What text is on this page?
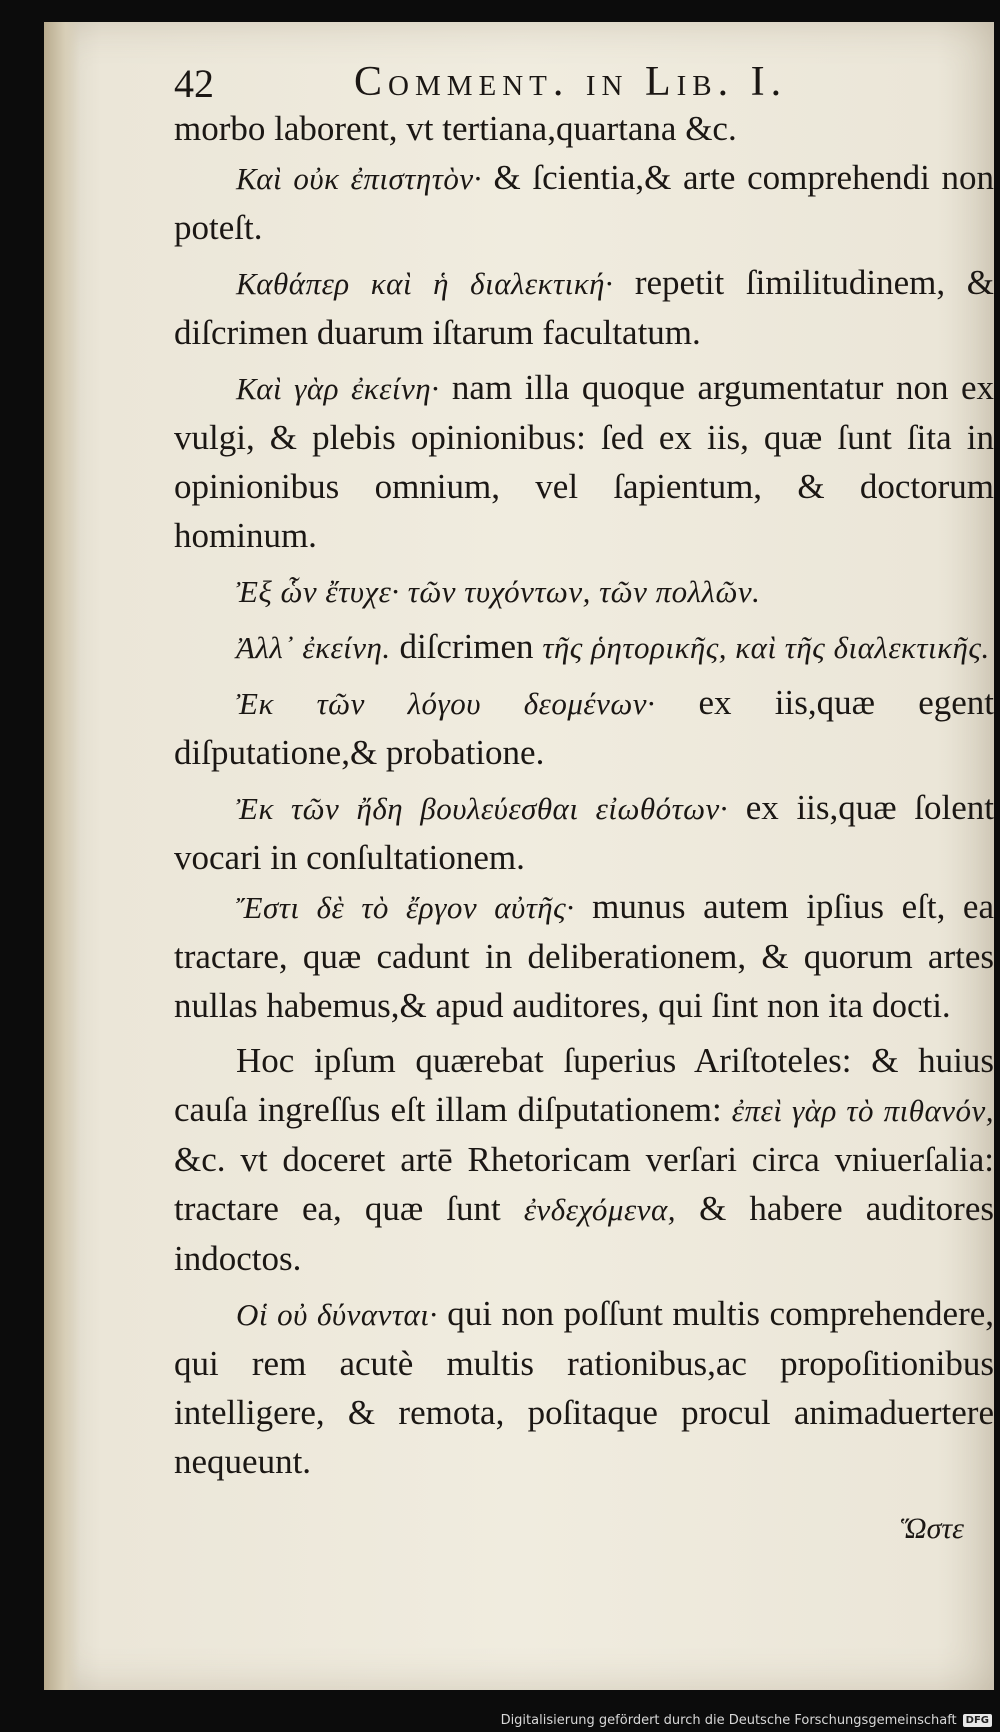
42	Comment. in Lib. I.

morbo laborent, vt tertiana,quartana &c.

Καὶ οὐκ ἐπιστητὸν· & ſcientia,& arte comprehendi non poteſt.

Καθάπερ καὶ ἡ διαλεκτική· repetit ſimilitudinem, & diſcrimen duarum iſtarum facultatum.

Καὶ γὰρ ἐκείνη· nam illa quoque argumentatur non ex vulgi, & plebis opinionibus: ſed ex iis, quæ ſunt ſita in opinionibus omnium, vel ſapientum, & doctorum hominum.

Ἐξ ὧν ἔτυχε· τῶν τυχόντων, τῶν πολλῶν.

Ἀλλ᾽ ἐκείνη. diſcrimen τῆς ῥητορικῆς, καὶ τῆς διαλεκτικῆς.

Ἐκ τῶν λόγου δεομένων· ex iis,quæ egent diſputatione,& probatione.

Ἐκ τῶν ἤδη βουλεύεσθαι εἰωθότων· ex iis,quæ ſolent vocari in conſultationem.

Ἔστι δὲ τὸ ἔργον αὐτῆς· munus autem ipſius eſt, ea tractare, quæ cadunt in deliberationem, & quorum artes nullas habemus,& apud auditores, qui ſint non ita docti.

Hoc ipſum quærebat ſuperius Ariſtoteles: & huius cauſa ingreſſus eſt illam diſputationem: ἐπεὶ γὰρ τὸ πιθανόν, &c. vt doceret artē Rhetoricam verſari circa vniuerſalia: tractare ea, quæ ſunt ἐνδεχόμενα, & habere auditores indoctos.

Οἱ οὐ δύνανται· qui non poſſunt multis comprehendere, qui rem acutè multis rationibus,ac propoſitionibus intelligere, & remota, poſitaque procul animaduertere nequeunt.

Ὥστε
Digitalisierung gefördert durch die Deutsche Forschungsgemeinschaft DFG
